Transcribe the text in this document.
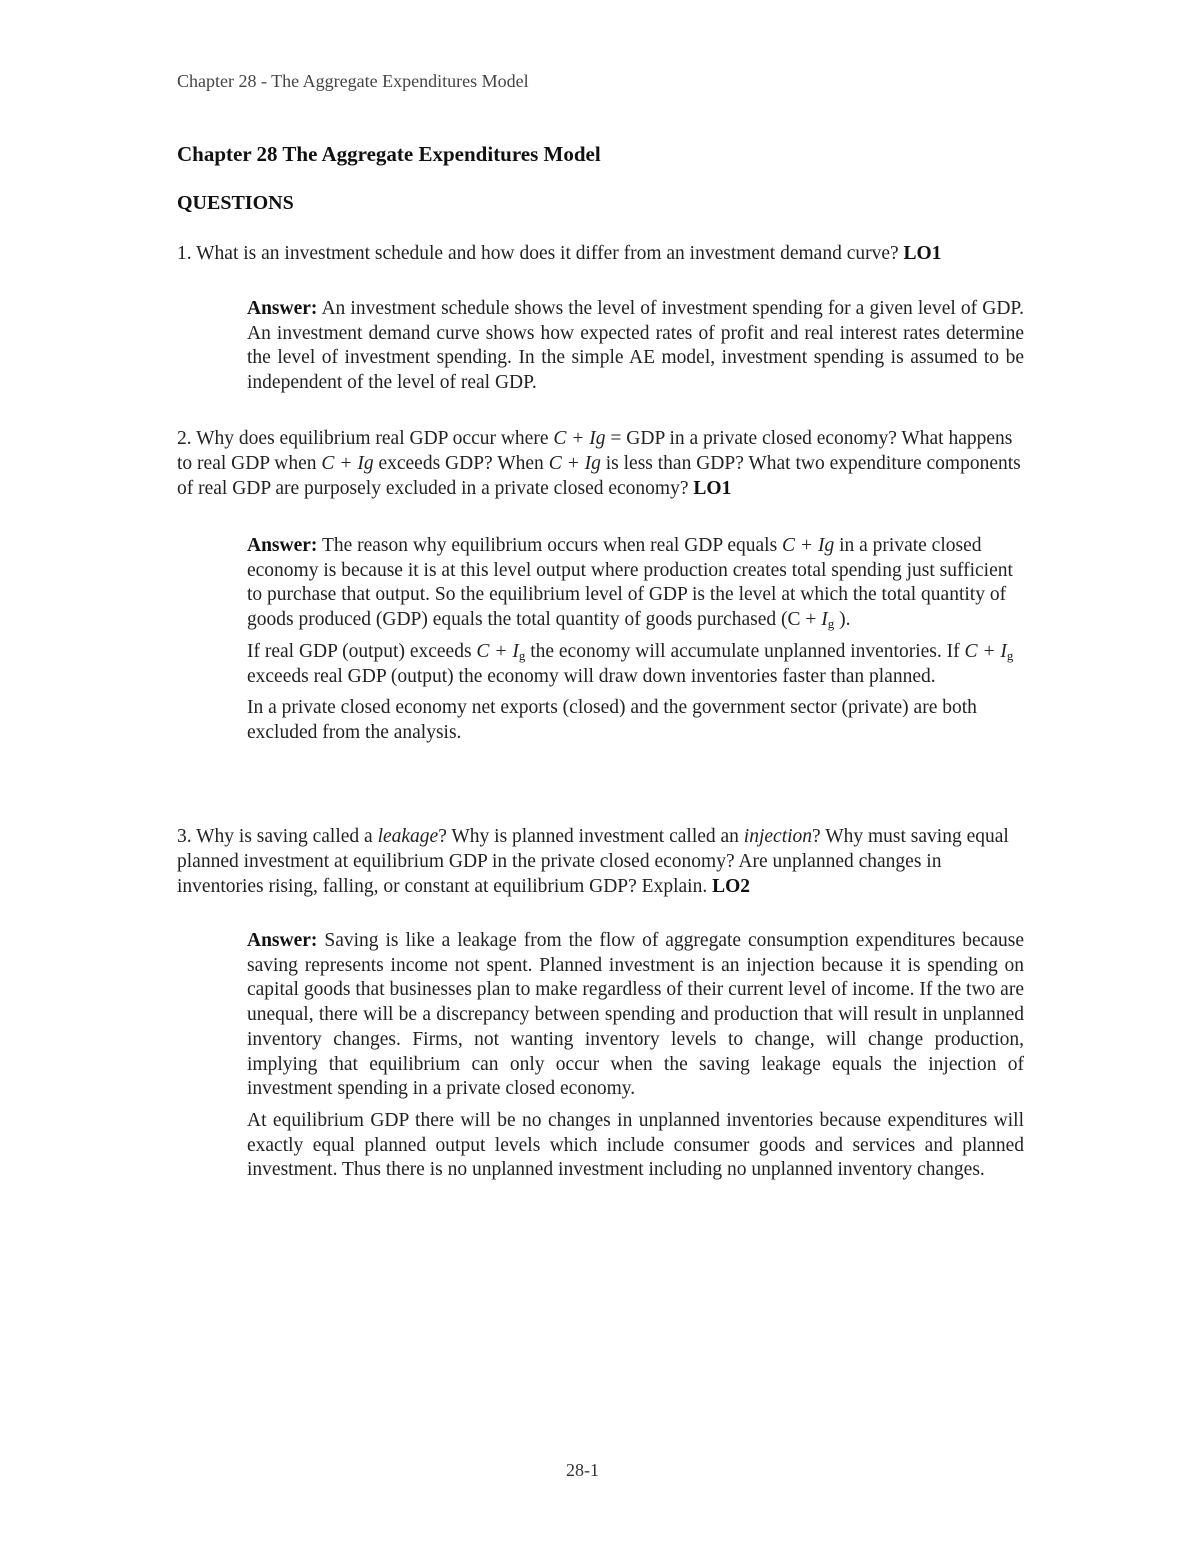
Chapter 28 - The Aggregate Expenditures Model
Chapter 28 The Aggregate Expenditures Model
QUESTIONS
1. What is an investment schedule and how does it differ from an investment demand curve? LO1

Answer: An investment schedule shows the level of investment spending for a given level of GDP. An investment demand curve shows how expected rates of profit and real interest rates determine the level of investment spending. In the simple AE model, investment spending is assumed to be independent of the level of real GDP.

2. Why does equilibrium real GDP occur where C + Ig = GDP in a private closed economy? What happens to real GDP when C + Ig exceeds GDP? When C + Ig is less than GDP? What two expenditure components of real GDP are purposely excluded in a private closed economy? LO1

Answer: The reason why equilibrium occurs when real GDP equals C + Ig in a private closed economy is because it is at this level output where production creates total spending just sufficient to purchase that output. So the equilibrium level of GDP is the level at which the total quantity of goods produced (GDP) equals the total quantity of goods purchased ($C + I_g$ ).

If real GDP (output) exceeds $C + I_g$ the economy will accumulate unplanned inventories. If $C + I_g$ exceeds real GDP (output) the economy will draw down inventories faster than planned.

In a private closed economy net exports (closed) and the government sector (private) are both excluded from the analysis.

3. Why is saving called a leakage? Why is planned investment called an injection? Why must saving equal planned investment at equilibrium GDP in the private closed economy? Are unplanned changes in inventories rising, falling, or constant at equilibrium GDP? Explain. LO2

Answer: Saving is like a leakage from the flow of aggregate consumption expenditures because saving represents income not spent. Planned investment is an injection because it is spending on capital goods that businesses plan to make regardless of their current level of income. If the two are unequal, there will be a discrepancy between spending and production that will result in unplanned inventory changes. Firms, not wanting inventory levels to change, will change production, implying that equilibrium can only occur when the saving leakage equals the injection of investment spending in a private closed economy.

At equilibrium GDP there will be no changes in unplanned inventories because expenditures will exactly equal planned output levels which include consumer goods and services and planned investment. Thus there is no unplanned investment including no unplanned inventory changes.

28-1
